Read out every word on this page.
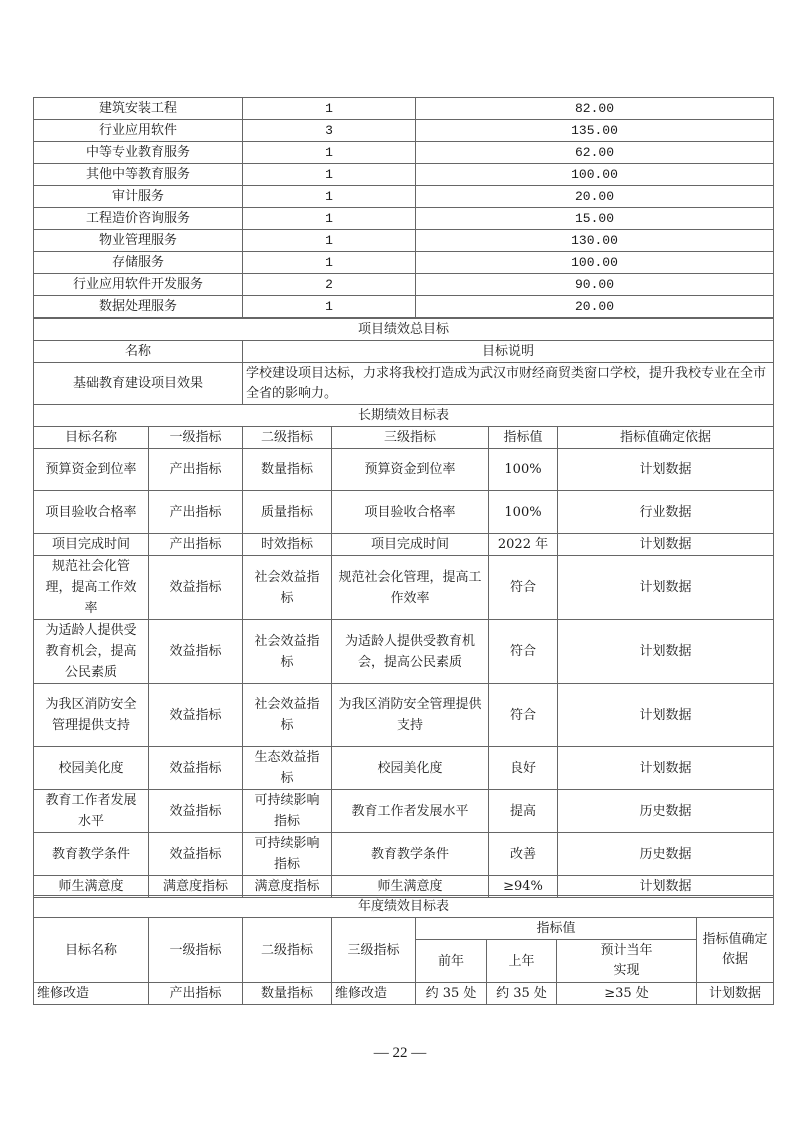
建筑安装工程	1	82.00
行业应用软件	3	135.00
中等专业教育服务	1	62.00
其他中等教育服务	1	100.00
审计服务	1	20.00
工程造价咨询服务	1	15.00
物业管理服务	1	130.00
存储服务	1	100.00
行业应用软件开发服务	2	90.00
数据处理服务	1	20.00
项目绩效总目标	
名称	目标说明
基础教育建设项目效果	学校建设项目达标，力求将我校打造成为武汉市财经商贸类窗口学校，提升我校专业在全市全省的影响力。
长期绩效目标表					
目标名称	一级指标	二级指标	三级指标	指标值	指标值确定依据
预算资金到位率	产出指标	数量指标	预算资金到位率	100%	计划数据
项目验收合格率	产出指标	质量指标	项目验收合格率	100%	行业数据
项目完成时间	产出指标	时效指标	项目完成时间	2022 年	计划数据
规范社会化管理，提高工作效率	效益指标	社会效益指标	规范社会化管理，提高工作效率	符合	计划数据
为适龄人提供受教育机会，提高公民素质	效益指标	社会效益指标	为适龄人提供受教育机会，提高公民素质	符合	计划数据
为我区消防安全管理提供支持	效益指标	社会效益指标	为我区消防安全管理提供支持	符合	计划数据
校园美化度	效益指标	生态效益指标	校园美化度	良好	计划数据
教育工作者发展水平	效益指标	可持续影响指标	教育工作者发展水平	提高	历史数据
教育教学条件	效益指标	可持续影响指标	教育教学条件	改善	历史数据
师生满意度	满意度指标	满意度指标	师生满意度	≥94%	计划数据
年度绩效目标表							
目标名称	一级指标	二级指标	三级指标	指标值			指标值确定依据
				前年	上年	预计当年实现	
维修改造	产出指标	数量指标	维修改造	约 35 处	约 35 处	≥35 处	计划数据
— 22 —
